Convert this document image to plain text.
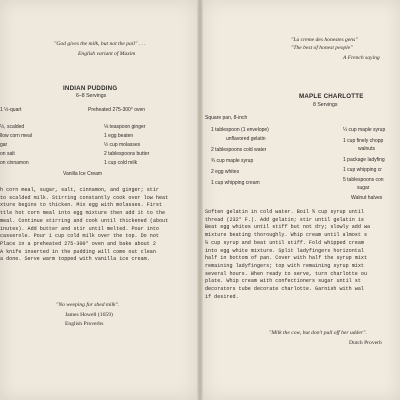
"God gives the milk, but not the pail" . . .
English variant of Maxim
INDIAN PUDDING
6–8 Servings
1 ½-quart
½, scalded
llow corn meal
gar
on salt
on cinnamon
Preheated 275-300° oven
⅛ teaspoon ginger
1 egg beaten
½ cup molasses
2 tablespoons butter
1 cup cold milk
Vanilla Ice Cream
h corn meal, sugar, salt, cinnamon, and ginger; stir
to scalded milk. Stirring constantly cook over low heat
xture begins to thicken. Mix egg with molasses. First
ttle hot corn meal into egg mixture then add it to the
meal. Continue stirring and cook until thickened (about
inutes). Add butter and stir until melted. Pour into
casserole. Pour 1 cup cold milk over the top. Do not
Place in a preheated 275-300° oven and bake about 2
A knife inserted in the pudding will come out clean
a done. Serve warm topped with vanilla ice cream.
"No weeping for shed milk".
James Howell (1659)
English Proverbs
"La creme des honestes gens"
"The best of honest people"
A French saying
MAPLE CHARLOTTE
8 Servings
Square pan, 8-inch
1 tablespoon (1 envelope)
unflavored gelatin
2 tablespoons cold water
¾ cup maple syrup
2 egg whites
1 cup whipping cream
¼ cup maple syrup
1 cup finely chopp
walnuts
1 package ladyfing
1 cup whipping cr
5 tablespoons con
sugar
Walnut halves
Soften gelatin in cold water. Boil ¾ cup syrup until
thread (232° F.). Add gelatin; stir until gelatin is
Beat egg whites until stiff but not dry; slowly add wa
mixture beating thoroughly. Whip cream until almost s
¼ cup syrup and beat until stiff. Fold whipped cream
into egg white mixture. Split ladyfingers horizontal
half in bottom of pan. Cover with half the syrup mixt
remaining ladyfingers; top with remaining syrup mixt
several hours. When ready to serve, turn charlotte ou
plate. Whip cream with confectioners sugar until st
decorators tube decorate charlotte. Garnish with wal
if desired.
"Milk the cow, but don't pull off her udder".
Dutch Proverb
